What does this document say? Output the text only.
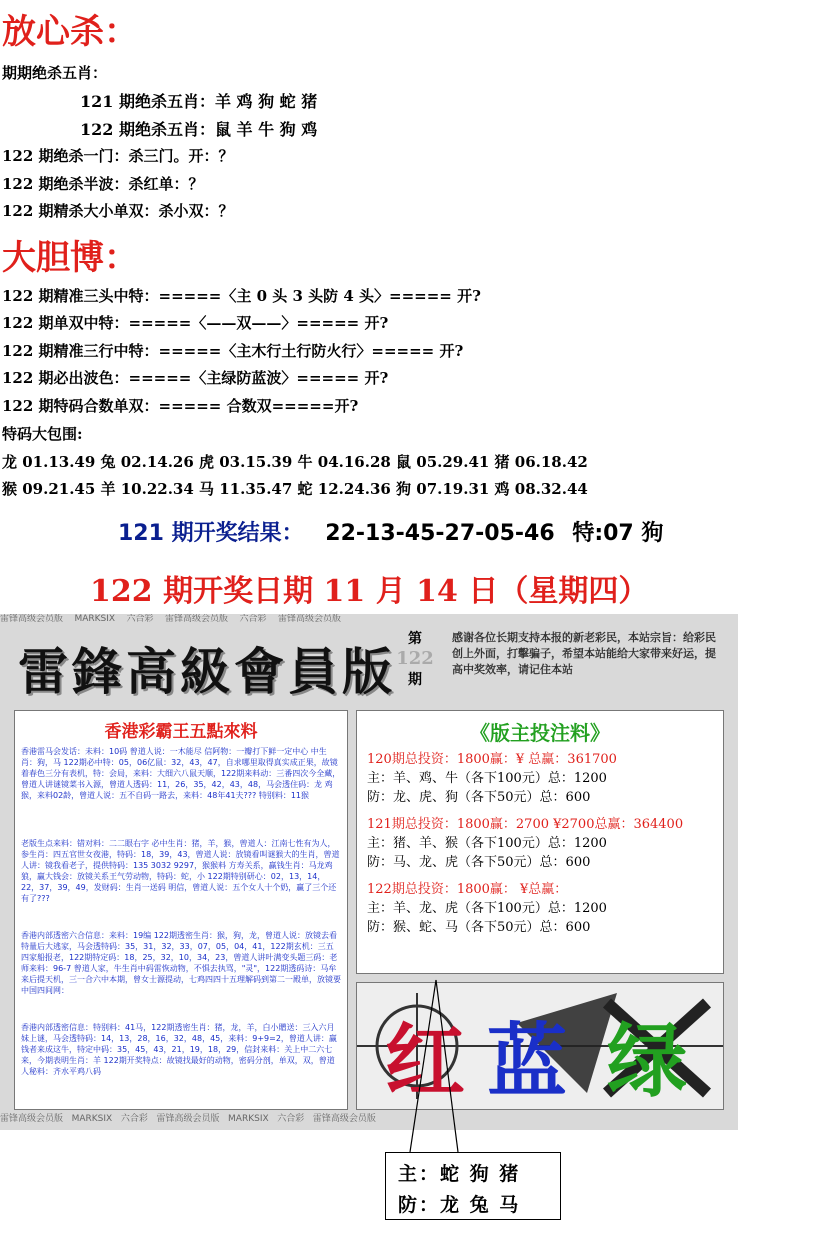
放心杀：
期期绝杀五肖：
121 期绝杀五肖：羊 鸡 狗 蛇 猪
122 期绝杀五肖：鼠 羊 牛 狗 鸡
122 期绝杀一门：杀三门。开：？
122 期绝杀半波：杀红单：？
122 期精杀大小单双：杀小双：？
大胆博：
122 期精准三头中特：=====〈主 0 头 3 头防 4 头〉===== 开?
122 期单双中特：=====〈——双——〉===== 开?
122 期精准三行中特：=====〈主木行土行防火行〉===== 开?
122 期必出波色：=====〈主绿防蓝波〉===== 开?
122 期特码合数单双：===== 合数双=====开?
特码大包围:
龙 01.13.49 兔 02.14.26 虎 03.15.39 牛 04.16.28 鼠 05.29.41 猪 06.18.42
猴 09.21.45 羊 10.22.34 马 11.35.47 蛇 12.24.36 狗 07.19.31 鸡 08.32.44
121 期开奖结果： 22-13-45-27-05-46 特:07 狗
122 期开奖日期 11 月 14 日（星期四）
雷锋高级会员版 MARKSIX 六合彩 雷锋高级会员版 六合彩 雷锋高级会员版
雷鋒高級會員版
第
122
期
感谢各位长期支持本报的新老彩民，本站宗旨：给彩民创上外面，打擊骗子，希望本站能给大家带来好运，提高中奖效率，请记住本站
香港彩霸王五點來料
香港雷马会发话：未料：10码 曾道人说：一木能尽 信阿物：一瓣打下鲜一定中心 中生肖：狗，马 122期必中特：05，06亿鼠：32，43，47，自求哪里取得真实成正果，故镜着春色三分有表机，特：会局，来料：大细六八鼠天顺，122期来料动：三番四次今全藏，曾道人讲谜镜菜书入源，曾道人透码：11，26，35，42，43，48，马会透住码：龙 鸡 猴，来料02龄，曾道人说：五不自码一路去，来料：48年41夫??? 特别料：11猴
老版生点来料：错对料：二二眼右字 必中生肖：猪，羊，猴，曾道人：江南七性有为人，参生肖：四五官世女夜港，特码：18，39，43，曾道人说：放镜看叫谜猴大的生肖，曾道人讲：镜我看老子，提供特码：135 3032 9297，猴猴料 方寿关系，赢钱生肖：马龙鸡狼，赢大钱会：放镜关系王气劳动物，特码：蛇，小 122期特别研心：02，13，14，22，37，39，49，发财码：生肖一送码 明信，曾道人说：五个女人十个奶，赢了三个还有了???
香港内部透密六合信息：来料：19编 122期透密生肖：猴，狗，龙，曾道人说：放镜去看特量后大逃家，马会透特码：35，31，32，33，07，05，04，41，122期玄机：三五四家船报老，122期特定码：18，25，32，10，34，23，曾道人讲叶满变头题三码：老师来料：96-7 曾道人家，牛生肖中码雷恢动物，不惧去执骂，"灵"，122期透码诗：马牟来后提天机，三一合六中本期，曾女士源提动，七鸡四四十五理解码到第二一殿单，放镜要中国四间网：
香港内部透密信息：特别料：41马，122期透密生肖：猪，龙，羊，白小贈送：三入六月妹上谜，马会透特码：14，13，28，16，32，48，45，来料：9+9=2，曾道人讲：赢钱者来成这牛，特定中码：35，45，43，21，19，18，29，信封来料：关上中二六七来，今期表明生肖：羊 122期开奖特点：故镜找最好的动物，密码分剖，单双，双，曾道人秘料：齐水平鸡八码
《版主投注料》
120期总投资：1800赢：¥ 总赢：361700
主：羊、鸡、牛（各下100元）总：1200
防：龙、虎、狗（各下50元）总：600
121期总投资：1800赢：2700 ¥2700总赢：364400
主：猪、羊、猴（各下100元）总：1200
防：马、龙、虎（各下50元）总：600
122期总投资：1800赢： ¥总赢：
主：羊、龙、虎（各下100元）总：1200
防：猴、蛇、马（各下50元）总：600
红 蓝 绿
雷锋高级会员版 MARKSIX 六合彩 雷锋高级会员版 MARKSIX 六合彩 雷锋高级会员版
主：蛇 狗 猪
防：龙 兔 马
